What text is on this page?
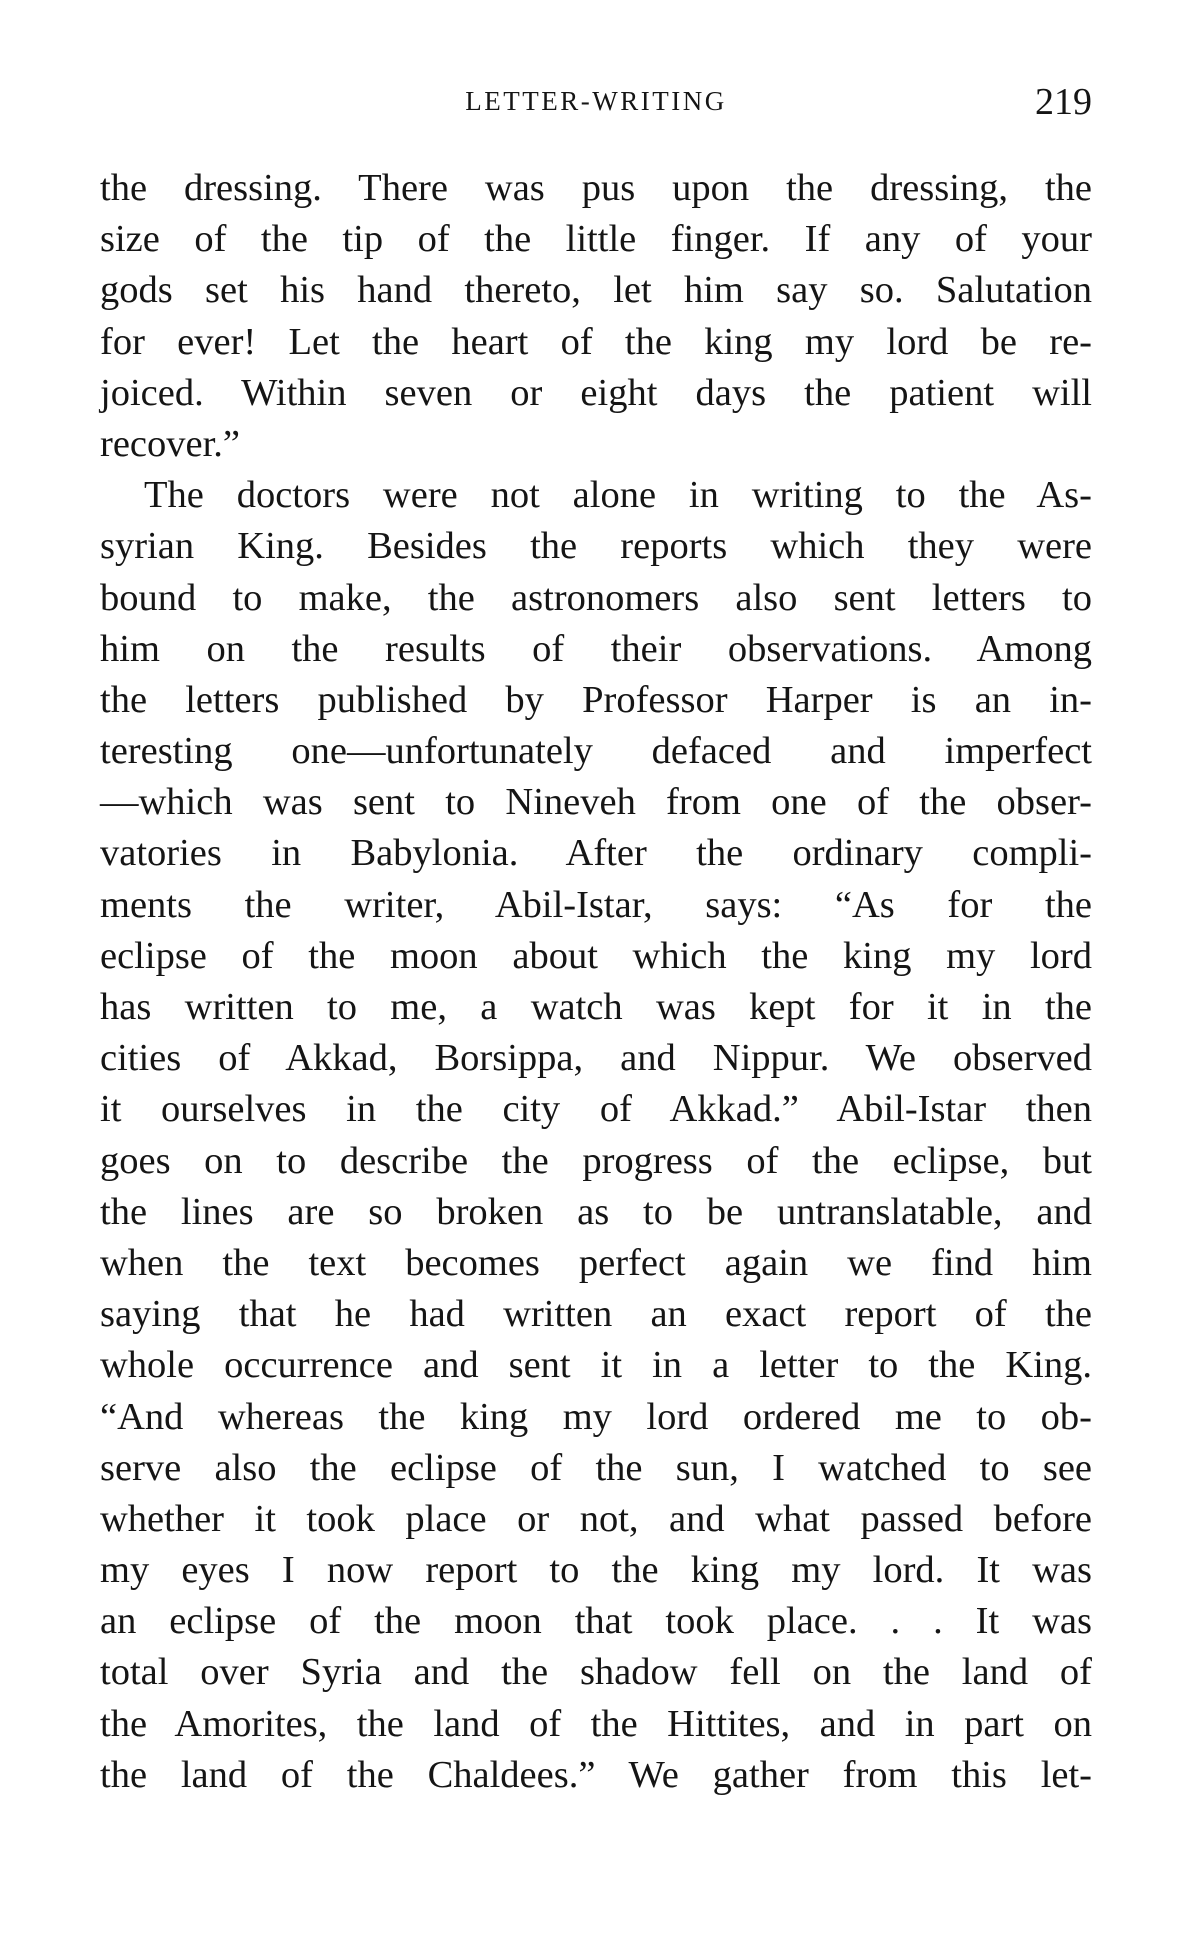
LETTER-WRITING	219
the dressing. There was pus upon the dressing, the
size of the tip of the little finger. If any of your
gods set his hand thereto, let him say so. Salutation
for ever! Let the heart of the king my lord be re-
joiced. Within seven or eight days the patient will
recover.”
The doctors were not alone in writing to the As-
syrian King. Besides the reports which they were
bound to make, the astronomers also sent letters to
him on the results of their observations. Among
the letters published by Professor Harper is an in-
teresting one—unfortunately defaced and imperfect
—which was sent to Nineveh from one of the obser-
vatories in Babylonia. After the ordinary compli-
ments the writer, Abil-Istar, says: “As for the
eclipse of the moon about which the king my lord
has written to me, a watch was kept for it in the
cities of Akkad, Borsippa, and Nippur. We observed
it ourselves in the city of Akkad.” Abil-Istar then
goes on to describe the progress of the eclipse, but
the lines are so broken as to be untranslatable, and
when the text becomes perfect again we find him
saying that he had written an exact report of the
whole occurrence and sent it in a letter to the King.
“And whereas the king my lord ordered me to ob-
serve also the eclipse of the sun, I watched to see
whether it took place or not, and what passed before
my eyes I now report to the king my lord. It was
an eclipse of the moon that took place. . . It was
total over Syria and the shadow fell on the land of
the Amorites, the land of the Hittites, and in part on
the land of the Chaldees.” We gather from this let-
